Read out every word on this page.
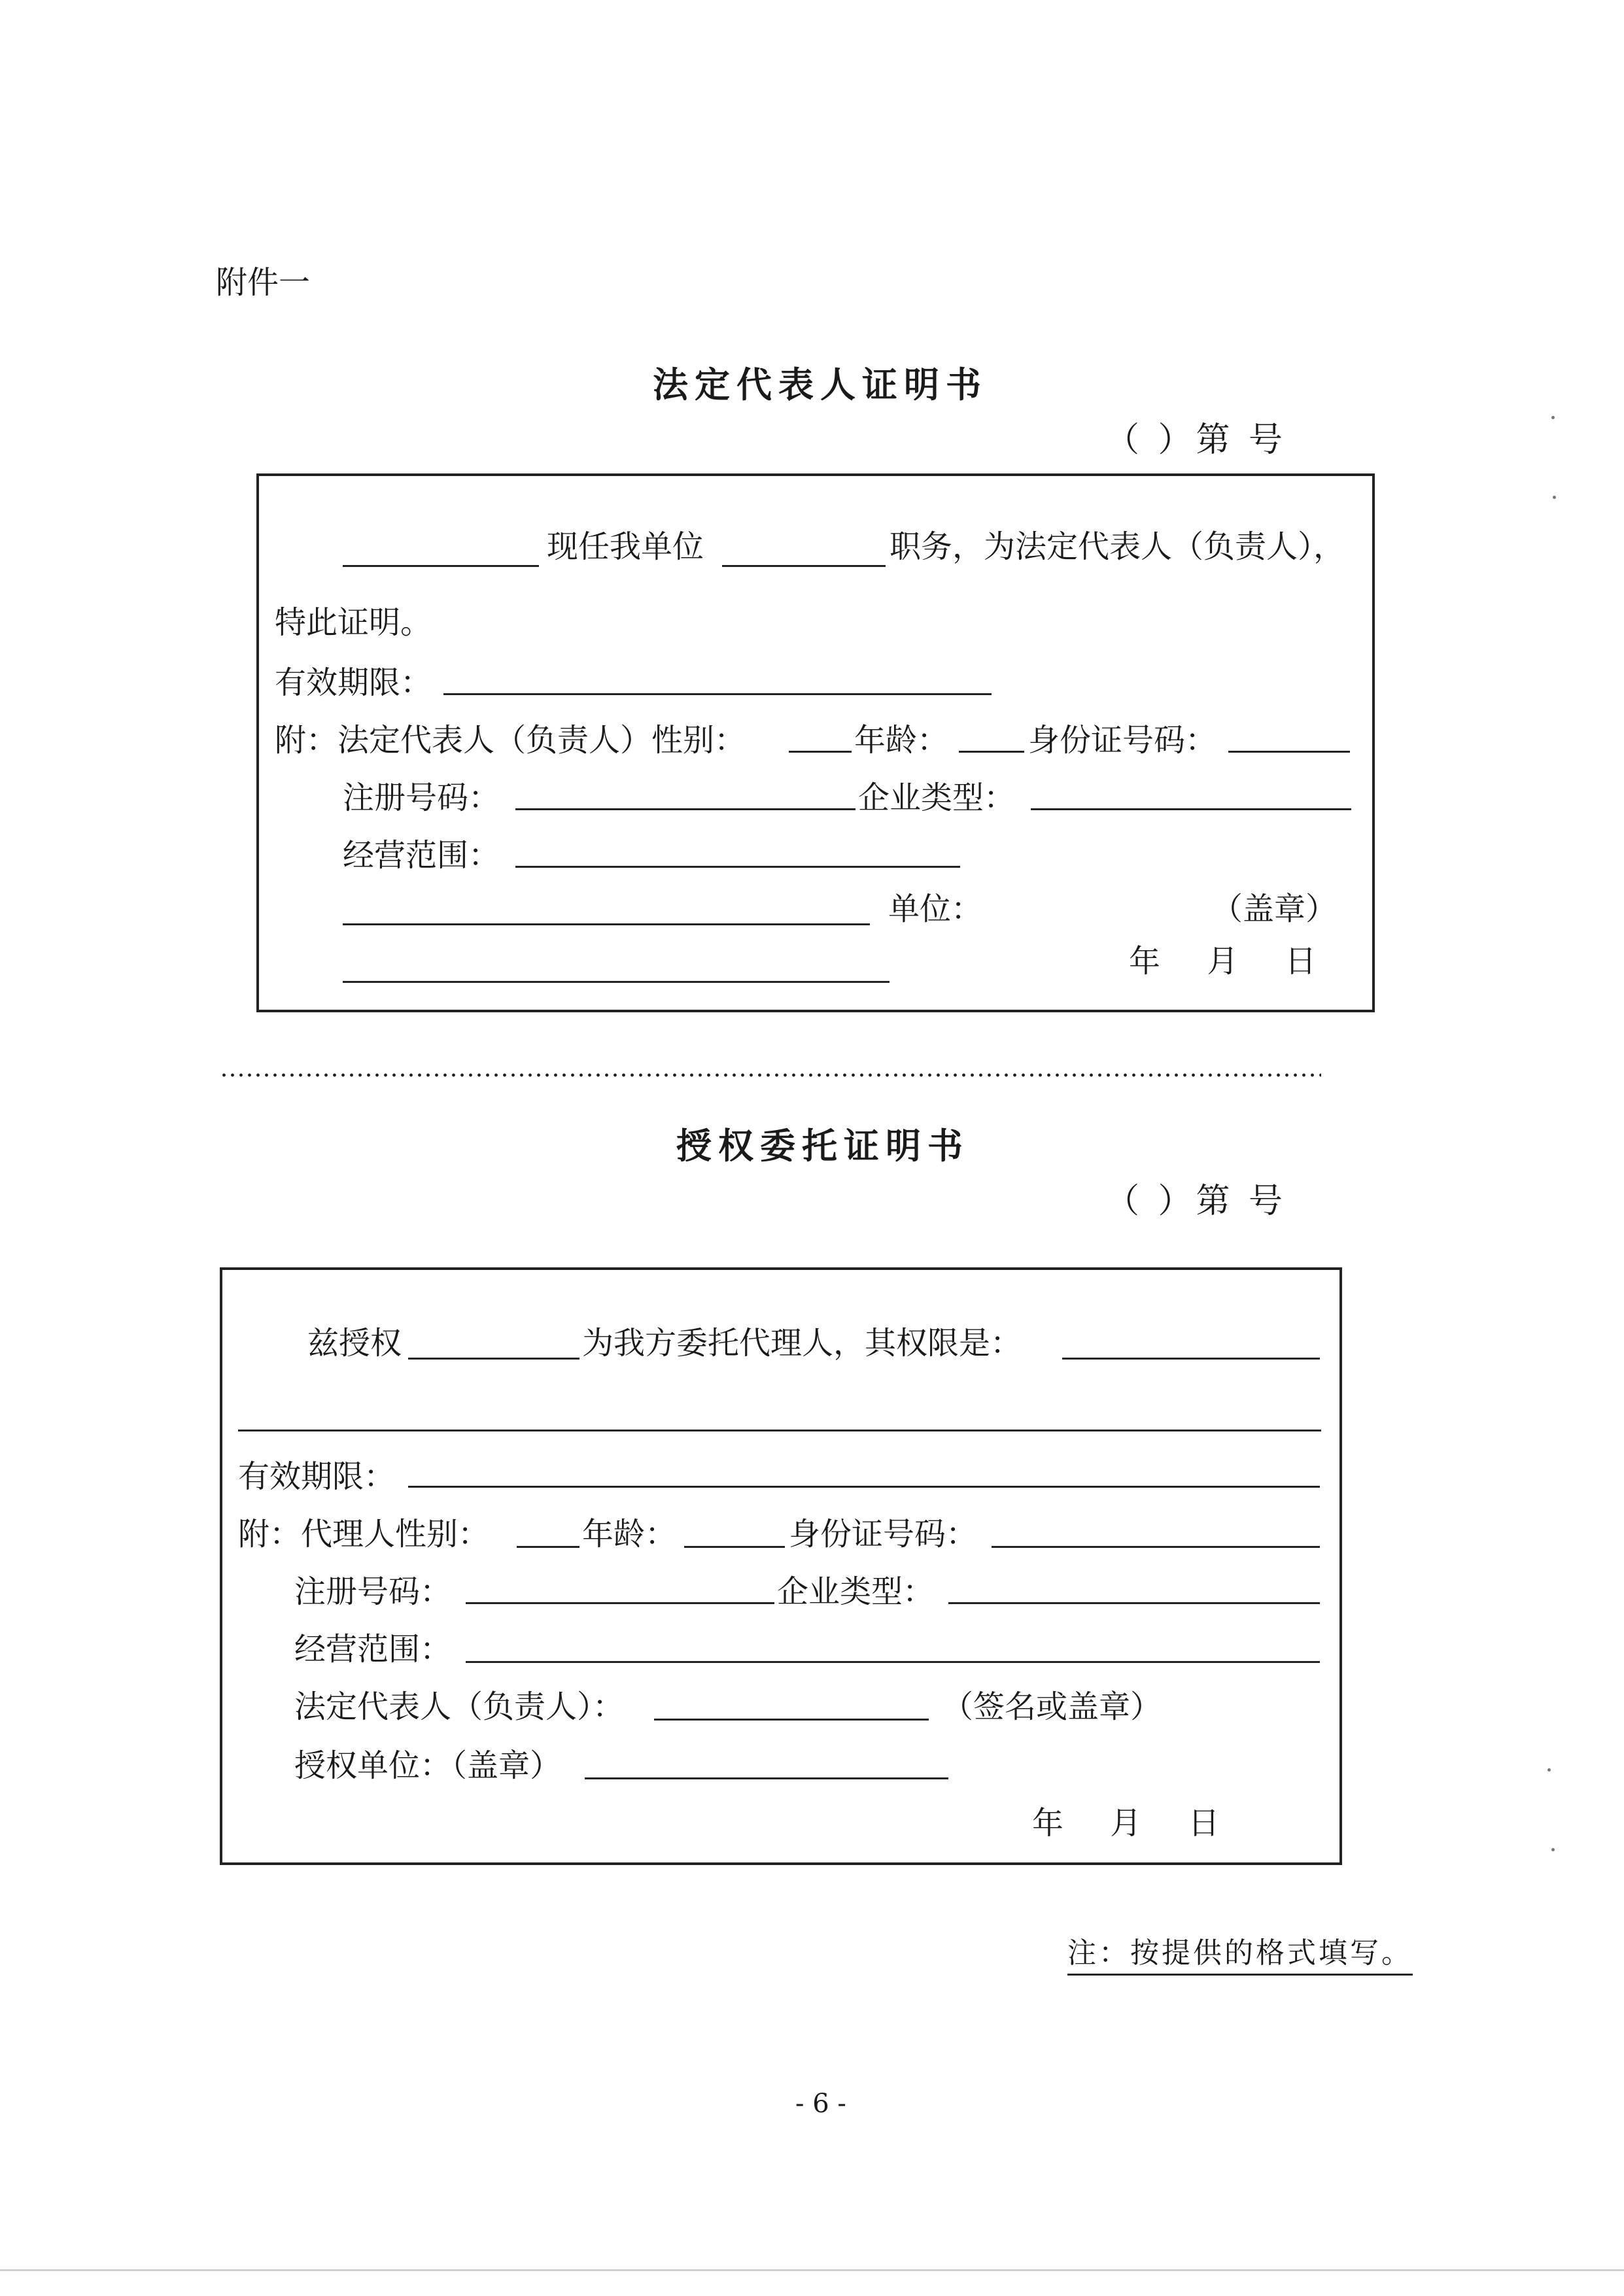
附件一
法定代表人证明书
（ ）第 号
现任我单位	职务，为法定代表人（负责人），
特此证明。
有效期限：
附：法定代表人（负责人）性别：	年龄：	身份证号码：
注册号码：	企业类型：
经营范围：
单位：	（盖章）
年 月 日
授权委托证明书
（ ）第 号
兹授权	为我方委托代理人，其权限是：
有效期限：
附：代理人性别：	年龄：	身份证号码：
注册号码：	企业类型：
经营范围：
法定代表人（负责人）：	（签名或盖章）
授权单位：（盖章）
年 月 日
注：按提供的格式填写。
- 6 -
